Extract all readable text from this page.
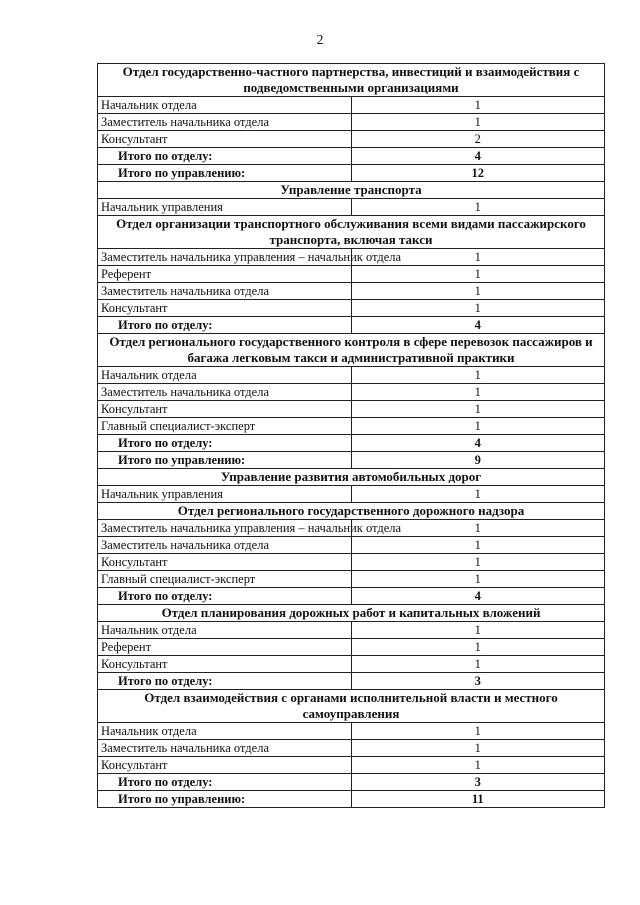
2
Отдел государственно-частного партнерства, инвестиций и взаимодействия с подведомственными организациями	
Начальник отдела	1
Заместитель начальника отдела	1
Консультант	2
Итого по отделу:	4
Итого по управлению:	12
Управление транспорта	
Начальник управления	1
Отдел организации транспортного обслуживания всеми видами пассажирского транспорта, включая такси	
Заместитель начальника управления – начальник отдела	1
Референт	1
Заместитель начальника отдела	1
Консультант	1
Итого по отделу:	4
Отдел регионального государственного контроля в сфере перевозок пассажиров и багажа легковым такси и административной практики	
Начальник отдела	1
Заместитель начальника отдела	1
Консультант	1
Главный специалист-эксперт	1
Итого по отделу:	4
Итого по управлению:	9
Управление развития автомобильных дорог	
Начальник управления	1
Отдел регионального государственного дорожного надзора	
Заместитель начальника управления – начальник отдела	1
Заместитель начальника отдела	1
Консультант	1
Главный специалист-эксперт	1
Итого по отделу:	4
Отдел планирования дорожных работ и капитальных вложений	
Начальник отдела	1
Референт	1
Консультант	1
Итого по отделу:	3
Отдел взаимодействия с органами исполнительной власти и местного самоуправления	
Начальник отдела	1
Заместитель начальника отдела	1
Консультант	1
Итого по отделу:	3
Итого по управлению:	11
